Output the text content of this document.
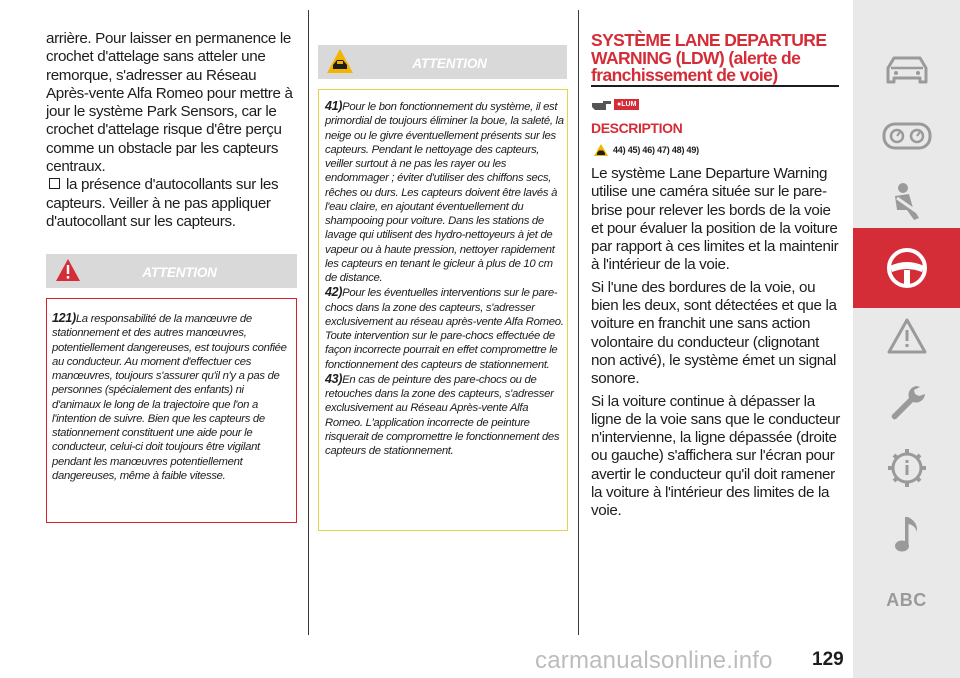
arrière. Pour laisser en permanence le crochet d'attelage sans atteler une remorque, s'adresser au Réseau Après-vente Alfa Romeo pour mettre à jour le système Park Sensors, car le crochet d'attelage risque d'être perçu comme un obstacle par les capteurs centraux.

la présence d'autocollants sur les capteurs. Veiller à ne pas appliquer d'autocollant sur les capteurs.

ATTENTION

121)La responsabilité de la manœuvre de stationnement et des autres manœuvres, potentiellement dangereuses, est toujours confiée au conducteur. Au moment d'effectuer ces manœuvres, toujours s'assurer qu'il n'y a pas de personnes (spécialement des enfants) ni d'animaux le long de la trajectoire que l'on a l'intention de suivre. Bien que les capteurs de stationnement constituent une aide pour le conducteur, celui-ci doit toujours être vigilant pendant les manœuvres potentiellement dangereuses, même à faible vitesse.

ATTENTION

41)Pour le bon fonctionnement du système, il est primordial de toujours éliminer la boue, la saleté, la neige ou le givre éventuellement présents sur les capteurs. Pendant le nettoyage des capteurs, veiller surtout à ne pas les rayer ou les endommager ; éviter d'utiliser des chiffons secs, rêches ou durs. Les capteurs doivent être lavés à l'eau claire, en ajoutant éventuellement du shampooing pour voiture. Dans les stations de lavage qui utilisent des hydro-nettoyeurs à jet de vapeur ou à haute pression, nettoyer rapidement les capteurs en tenant le gicleur à plus de 10 cm de distance.

42)Pour les éventuelles interventions sur le pare-chocs dans la zone des capteurs, s'adresser exclusivement au réseau après-vente Alfa Romeo. Toute intervention sur le pare-chocs effectuée de façon incorrecte pourrait en effet compromettre le fonctionnement des capteurs de stationnement.

43)En cas de peinture des pare-chocs ou de retouches dans la zone des capteurs, s'adresser exclusivement au Réseau Après-vente Alfa Romeo. L'application incorrecte de peinture risquerait de compromettre le fonctionnement des capteurs de stationnement.

SYSTÈME LANE DEPARTURE WARNING (LDW) (alerte de franchissement de voie)
●LUM
DESCRIPTION
44) 45) 46) 47) 48) 49)

Le système Lane Departure Warning utilise une caméra située sur le pare-brise pour relever les bords de la voie et pour évaluer la position de la voiture par rapport à ces limites et la maintenir à l'intérieur de la voie.

Si l'une des bordures de la voie, ou bien les deux, sont détectées et que la voiture en franchit une sans action volontaire du conducteur (clignotant non activé), le système émet un signal sonore.

Si la voiture continue à dépasser la ligne de la voie sans que le conducteur n'intervienne, la ligne dépassée (droite ou gauche) s'affichera sur l'écran pour avertir le conducteur qu'il doit ramener la voiture à l'intérieur des limites de la voie.

ABC
carmanualsonline.info 129
